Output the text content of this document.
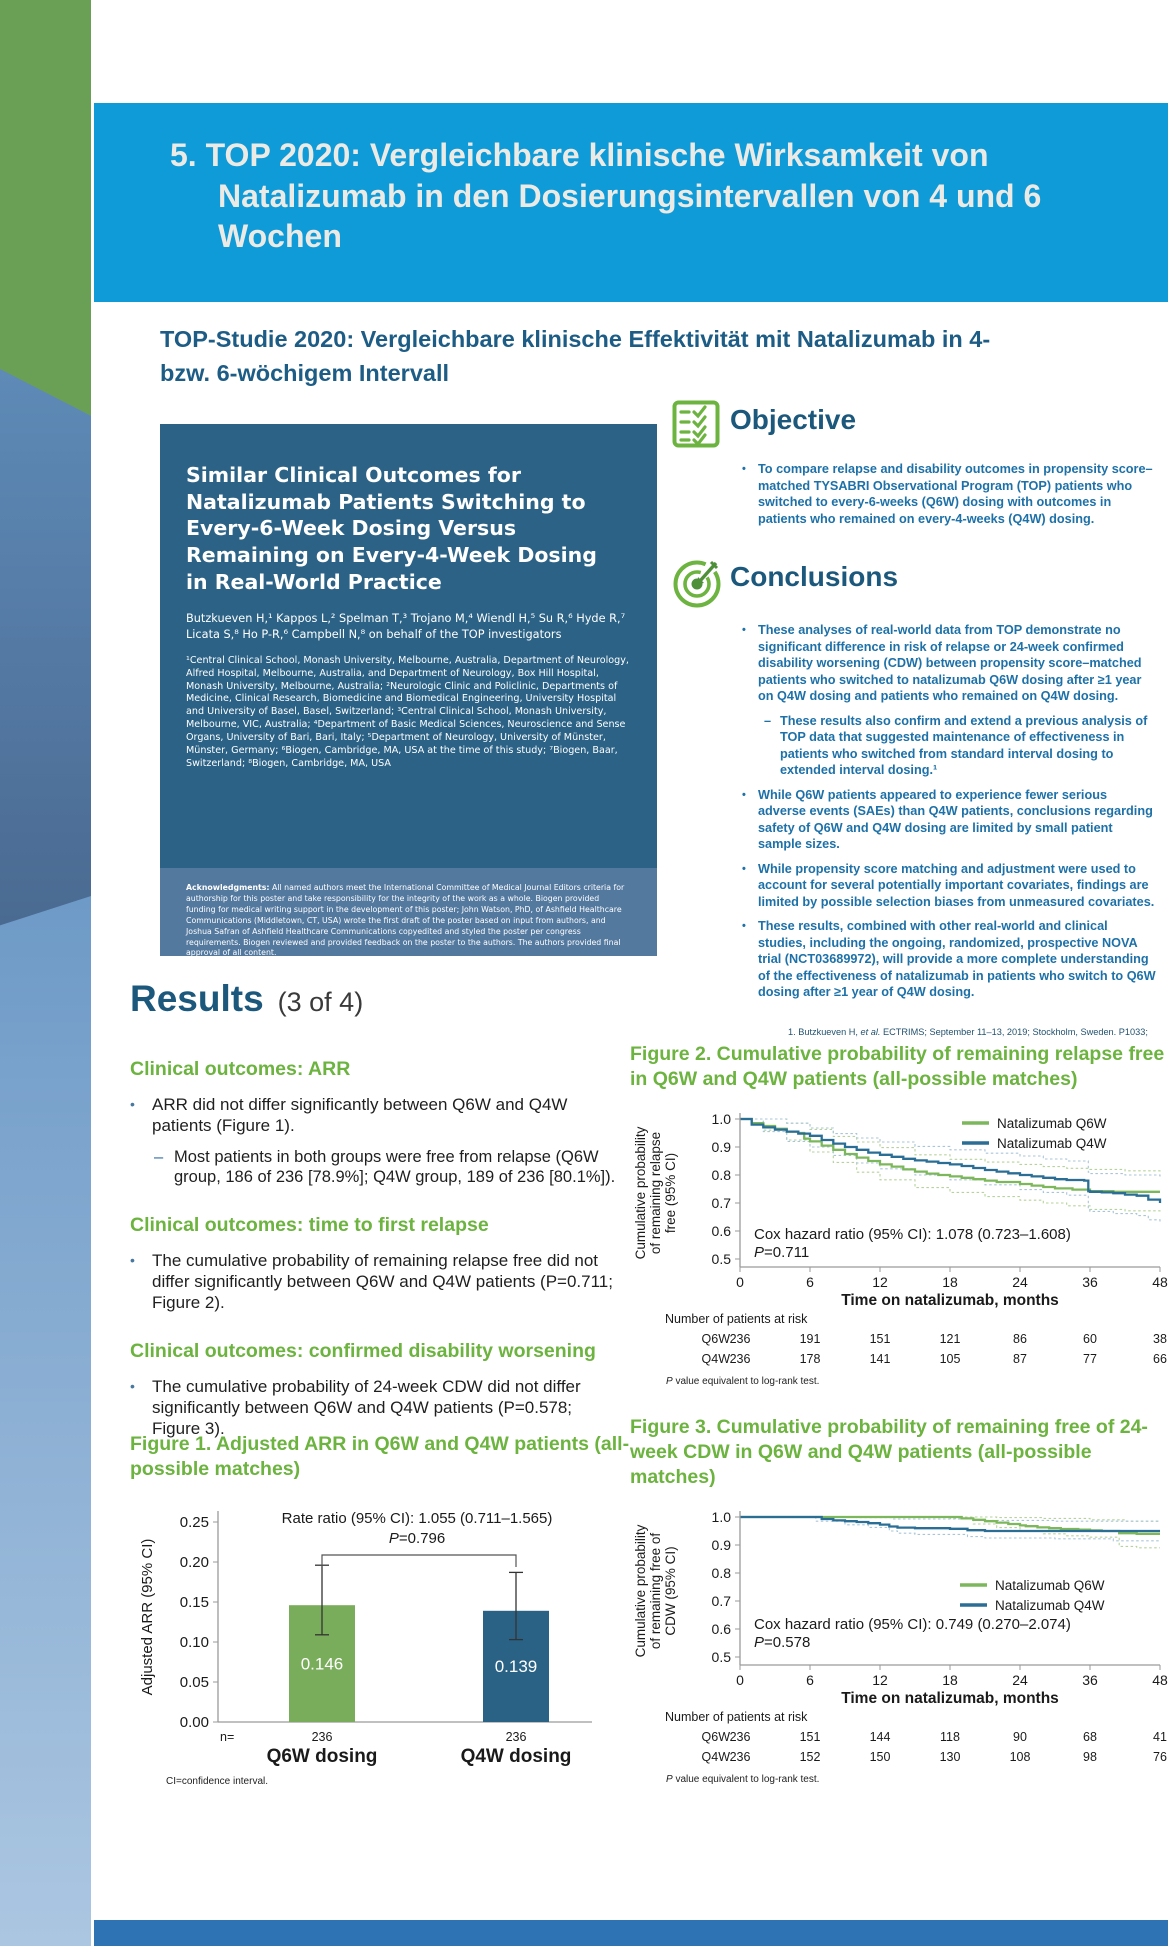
5. TOP 2020: Vergleichbare klinische Wirksamkeit von Natalizumab in den Dosierungsintervallen von 4 und 6 Wochen
TOP-Studie 2020: Vergleichbare klinische Effektivität mit Natalizumab in 4- bzw. 6-wöchigem Intervall
Similar Clinical Outcomes for Natalizumab Patients Switching to Every-6-Week Dosing Versus Remaining on Every-4-Week Dosing in Real-World Practice
Butzkueven H,¹ Kappos L,² Spelman T,³ Trojano M,⁴ Wiendl H,⁵ Su R,⁶ Hyde R,⁷ Licata S,⁸ Ho P-R,⁶ Campbell N,⁸ on behalf of the TOP investigators
¹Central Clinical School, Monash University, Melbourne, Australia, Department of Neurology, Alfred Hospital, Melbourne, Australia, and Department of Neurology, Box Hill Hospital, Monash University, Melbourne, Australia; ²Neurologic Clinic and Policlinic, Departments of Medicine, Clinical Research, Biomedicine and Biomedical Engineering, University Hospital and University of Basel, Basel, Switzerland; ³Central Clinical School, Monash University, Melbourne, VIC, Australia; ⁴Department of Basic Medical Sciences, Neuroscience and Sense Organs, University of Bari, Bari, Italy; ⁵Department of Neurology, University of Münster, Münster, Germany; ⁶Biogen, Cambridge, MA, USA at the time of this study; ⁷Biogen, Baar, Switzerland; ⁸Biogen, Cambridge, MA, USA
Acknowledgments: All named authors meet the International Committee of Medical Journal Editors criteria for authorship for this poster and take responsibility for the integrity of the work as a whole. Biogen provided funding for medical writing support in the development of this poster; John Watson, PhD, of Ashfield Healthcare Communications (Middletown, CT, USA) wrote the first draft of the poster based on input from authors, and Joshua Safran of Ashfield Healthcare Communications copyedited and styled the poster per congress requirements. Biogen reviewed and provided feedback on the poster to the authors. The authors provided final approval of all content.
Objective
• To compare relapse and disability outcomes in propensity score–matched TYSABRI Observational Program (TOP) patients who switched to every-6-weeks (Q6W) dosing with outcomes in patients who remained on every-4-weeks (Q4W) dosing.
Conclusions
• These analyses of real-world data from TOP demonstrate no significant difference in risk of relapse or 24-week confirmed disability worsening (CDW) between propensity score–matched patients who switched to natalizumab Q6W dosing after ≥1 year on Q4W dosing and patients who remained on Q4W dosing.
– These results also confirm and extend a previous analysis of TOP data that suggested maintenance of effectiveness in patients who switched from standard interval dosing to extended interval dosing.¹
• While Q6W patients appeared to experience fewer serious adverse events (SAEs) than Q4W patients, conclusions regarding safety of Q6W and Q4W dosing are limited by small patient sample sizes.
• While propensity score matching and adjustment were used to account for several potentially important covariates, findings are limited by possible selection biases from unmeasured covariates.
• These results, combined with other real-world and clinical studies, including the ongoing, randomized, prospective NOVA trial (NCT03689972), will provide a more complete understanding of the effectiveness of natalizumab in patients who switch to Q6W dosing after ≥1 year of Q4W dosing.
1. Butzkueven H, et al. ECTRIMS; September 11–13, 2019; Stockholm, Sweden. P1033;
Results (3 of 4)
Clinical outcomes: ARR
•	ARR did not differ significantly between Q6W and Q4W patients (Figure 1).
– Most patients in both groups were free from relapse (Q6W group, 186 of 236 [78.9%]; Q4W group, 189 of 236 [80.1%]).
Clinical outcomes: time to first relapse
•	The cumulative probability of remaining relapse free did not differ significantly between Q6W and Q4W patients (P=0.711; Figure 2).
Clinical outcomes: confirmed disability worsening
•	The cumulative probability of 24-week CDW did not differ significantly between Q6W and Q4W patients (P=0.578; Figure 3).
Figure 1. Adjusted ARR in Q6W and Q4W patients (all-possible matches)
0.00
0.05
0.10
0.15
0.20
0.25
Adjusted ARR (95% CI)	0.146
236
Q6W dosing
0.139
236
Q4W dosing
Rate ratio (95% CI): 1.055 (0.711–1.565)
P=0.796
n=
CI=confidence interval.
Figure 2. Cumulative probability of remaining relapse free in Q6W and Q4W patients (all-possible matches)
0.5
0.6
0.7
0.8
0.9
1.0
0	6	12	18	24	36	48
Time on natalizumab, months
Cumulative probabilityof remaining relapsefree (95% CI)
Natalizumab Q6W
Natalizumab Q4W
Cox hazard ratio (95% CI): 1.078 (0.723–1.608)
P=0.711
Number of patients at risk
Q6W 236	191	151	121	86	60	38
Q4W 236	178	141	105	87	77	66
P value equivalent to log-rank test.
Figure 3. Cumulative probability of remaining free of 24-week CDW in Q6W and Q4W patients (all-possible matches)
0.5
0.6
0.7
0.8
0.9
1.0
0	6	12	18	24	36	48
Time on natalizumab, months
Cumulative probabilityof remaining free ofCDW (95% CI)	Natalizumab Q6W
Natalizumab Q4W
Cox hazard ratio (95% CI): 0.749 (0.270–2.074)
P=0.578
Number of patients at risk
Q6W 236	151	144	118	90	68	41
Q4W 236	152	150	130	108	98	76
P value equivalent to log-rank test.
